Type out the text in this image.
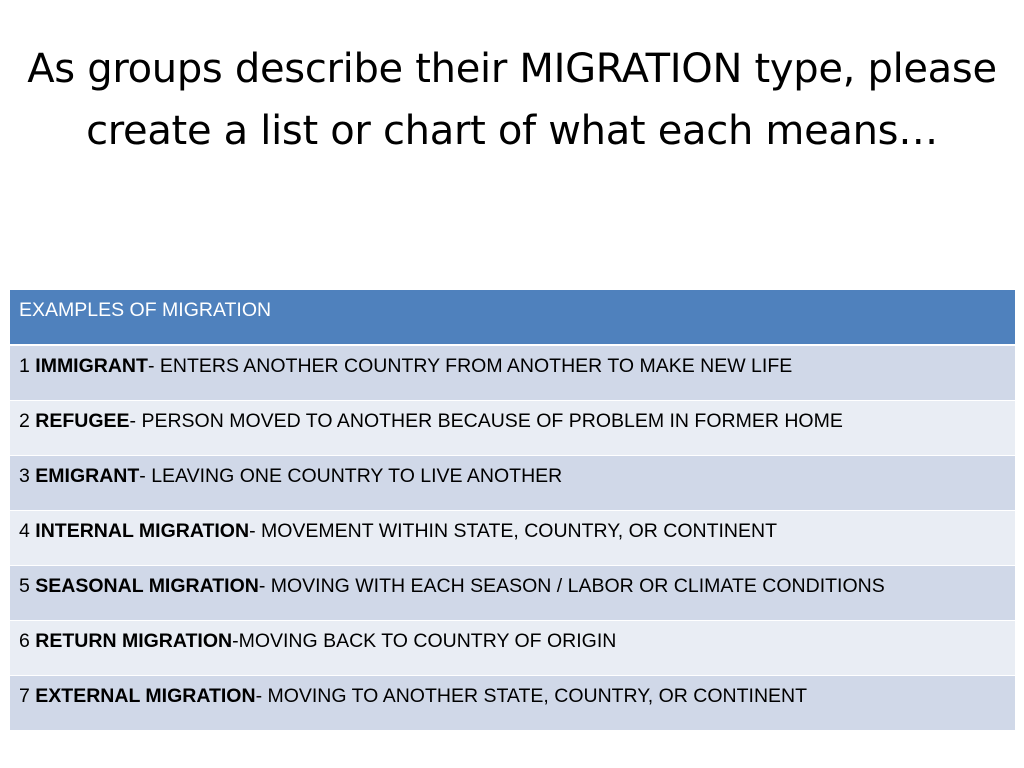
As groups describe their MIGRATION type, please create a list or chart of what each means…
EXAMPLES OF MIGRATION
1 IMMIGRANT- ENTERS ANOTHER COUNTRY FROM ANOTHER TO MAKE NEW LIFE
2 REFUGEE- PERSON MOVED TO ANOTHER BECAUSE OF PROBLEM IN FORMER HOME
3 EMIGRANT- LEAVING ONE COUNTRY TO LIVE ANOTHER
4 INTERNAL MIGRATION- MOVEMENT WITHIN STATE, COUNTRY, OR CONTINENT
5 SEASONAL MIGRATION- MOVING WITH EACH SEASON / LABOR OR CLIMATE CONDITIONS
6 RETURN MIGRATION-MOVING BACK TO COUNTRY OF ORIGIN
7 EXTERNAL MIGRATION- MOVING TO ANOTHER STATE, COUNTRY, OR CONTINENT
